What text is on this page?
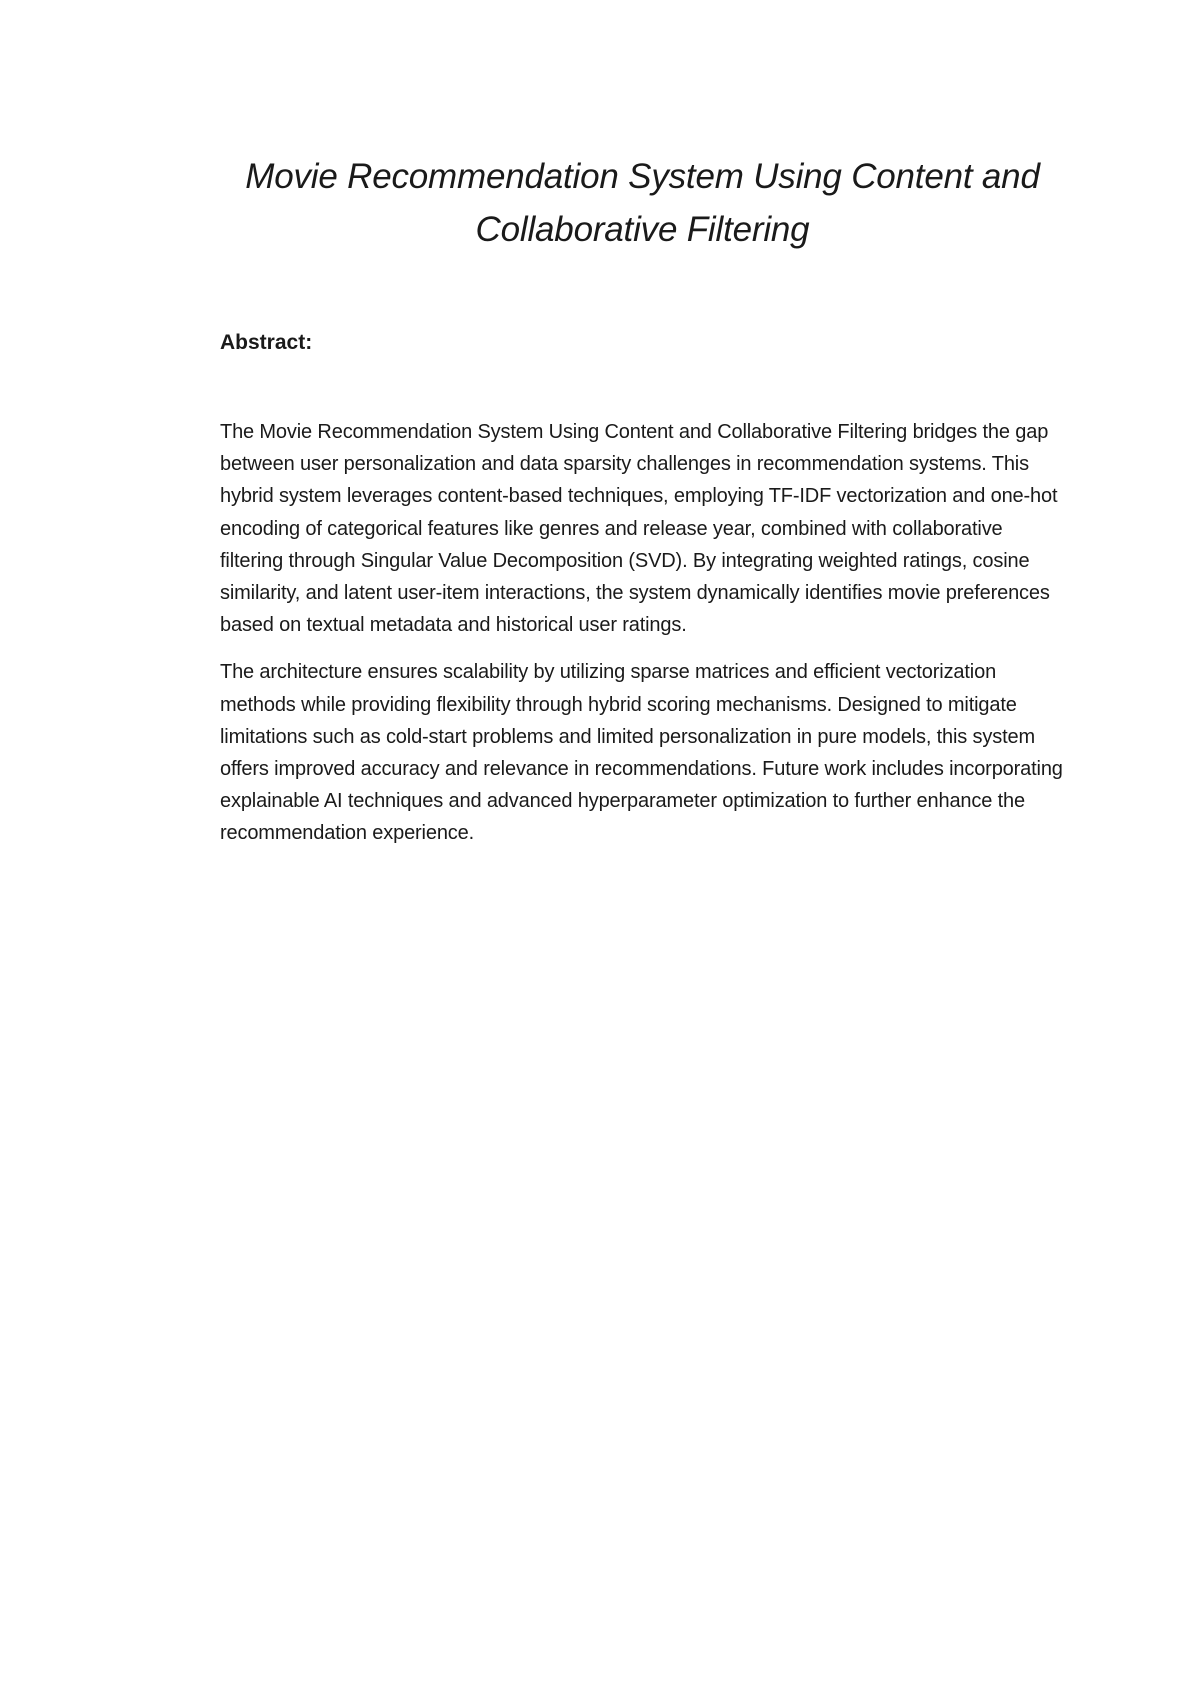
Movie Recommendation System Using Content and Collaborative Filtering
Abstract:

The Movie Recommendation System Using Content and Collaborative Filtering bridges the gap between user personalization and data sparsity challenges in recommendation systems. This hybrid system leverages content-based techniques, employing TF-IDF vectorization and one-hot encoding of categorical features like genres and release year, combined with collaborative filtering through Singular Value Decomposition (SVD). By integrating weighted ratings, cosine similarity, and latent user-item interactions, the system dynamically identifies movie preferences based on textual metadata and historical user ratings.

The architecture ensures scalability by utilizing sparse matrices and efficient vectorization methods while providing flexibility through hybrid scoring mechanisms. Designed to mitigate limitations such as cold-start problems and limited personalization in pure models, this system offers improved accuracy and relevance in recommendations. Future work includes incorporating explainable AI techniques and advanced hyperparameter optimization to further enhance the recommendation experience.
